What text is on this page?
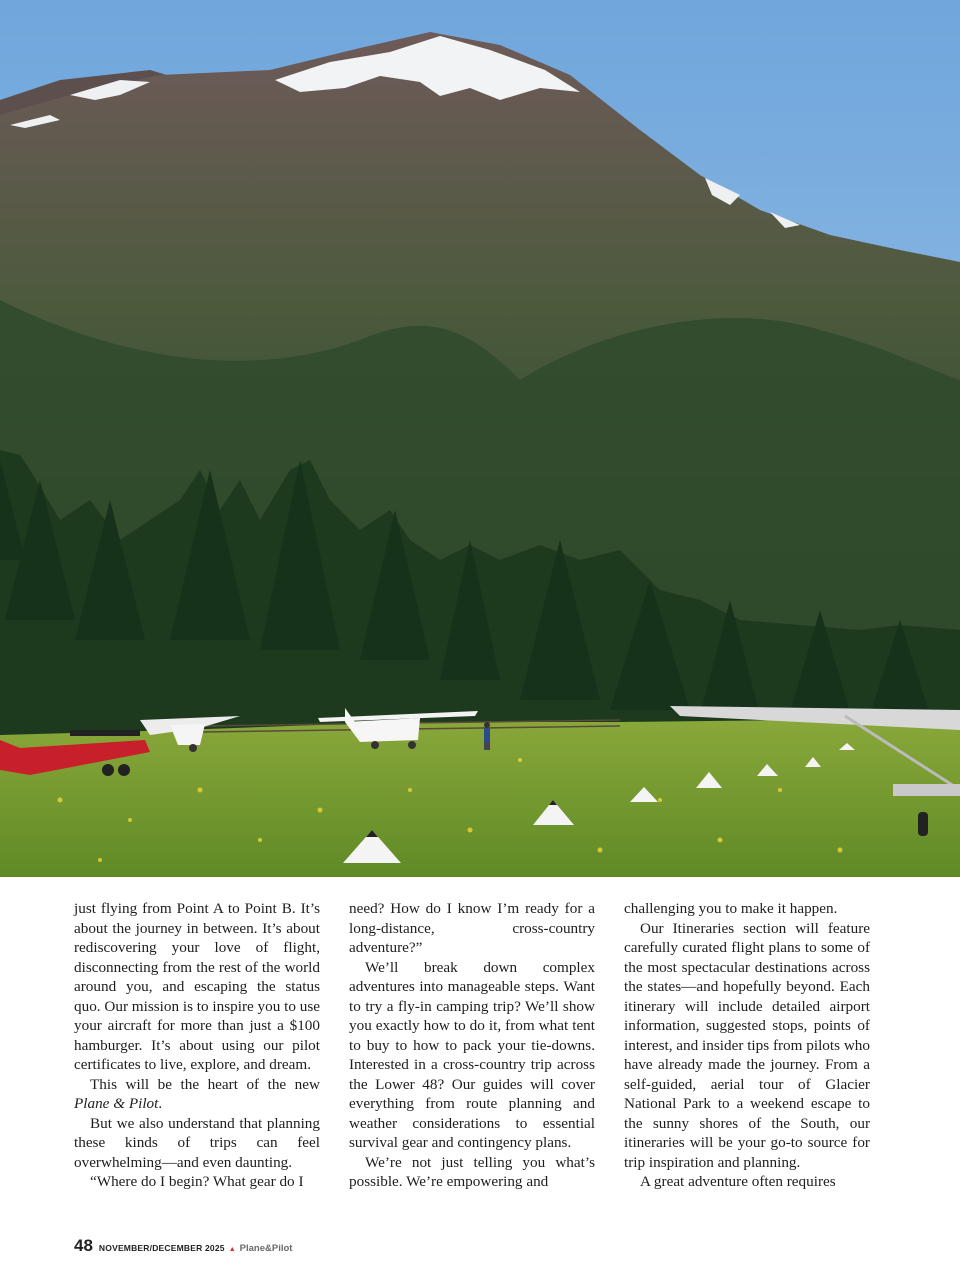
just flying from Point A to Point B. It’s about the journey in between. It’s about rediscovering your love of flight, disconnecting from the rest of the world around you, and escaping the status quo. Our mission is to inspire you to use your aircraft for more than just a $100 hamburger. It’s about using our pilot certificates to live, explore, and dream.

This will be the heart of the new Plane & Pilot.

But we also understand that planning these kinds of trips can feel overwhelming—and even daunting.

“Where do I begin? What gear do I

need? How do I know I’m ready for a long-distance, cross-country adventure?”

We’ll break down complex adventures into manageable steps. Want to try a fly-in camping trip? We’ll show you exactly how to do it, from what tent to buy to how to pack your tie-downs. Interested in a cross-country trip across the Lower 48? Our guides will cover everything from route planning and weather considerations to essential survival gear and contingency plans.

We’re not just telling you what’s possible. We’re empowering and

challenging you to make it happen.

Our Itineraries section will feature carefully curated flight plans to some of the most spectacular destinations across the states—and hopefully beyond. Each itinerary will include detailed airport information, suggested stops, points of interest, and insider tips from pilots who have already made the journey. From a self-guided, aerial tour of Glacier National Park to a weekend escape to the sunny shores of the South, our itineraries will be your go-to source for trip inspiration and planning.

A great adventure often requires

48 NOVEMBER/DECEMBER 2025 ▲ Plane&Pilot
